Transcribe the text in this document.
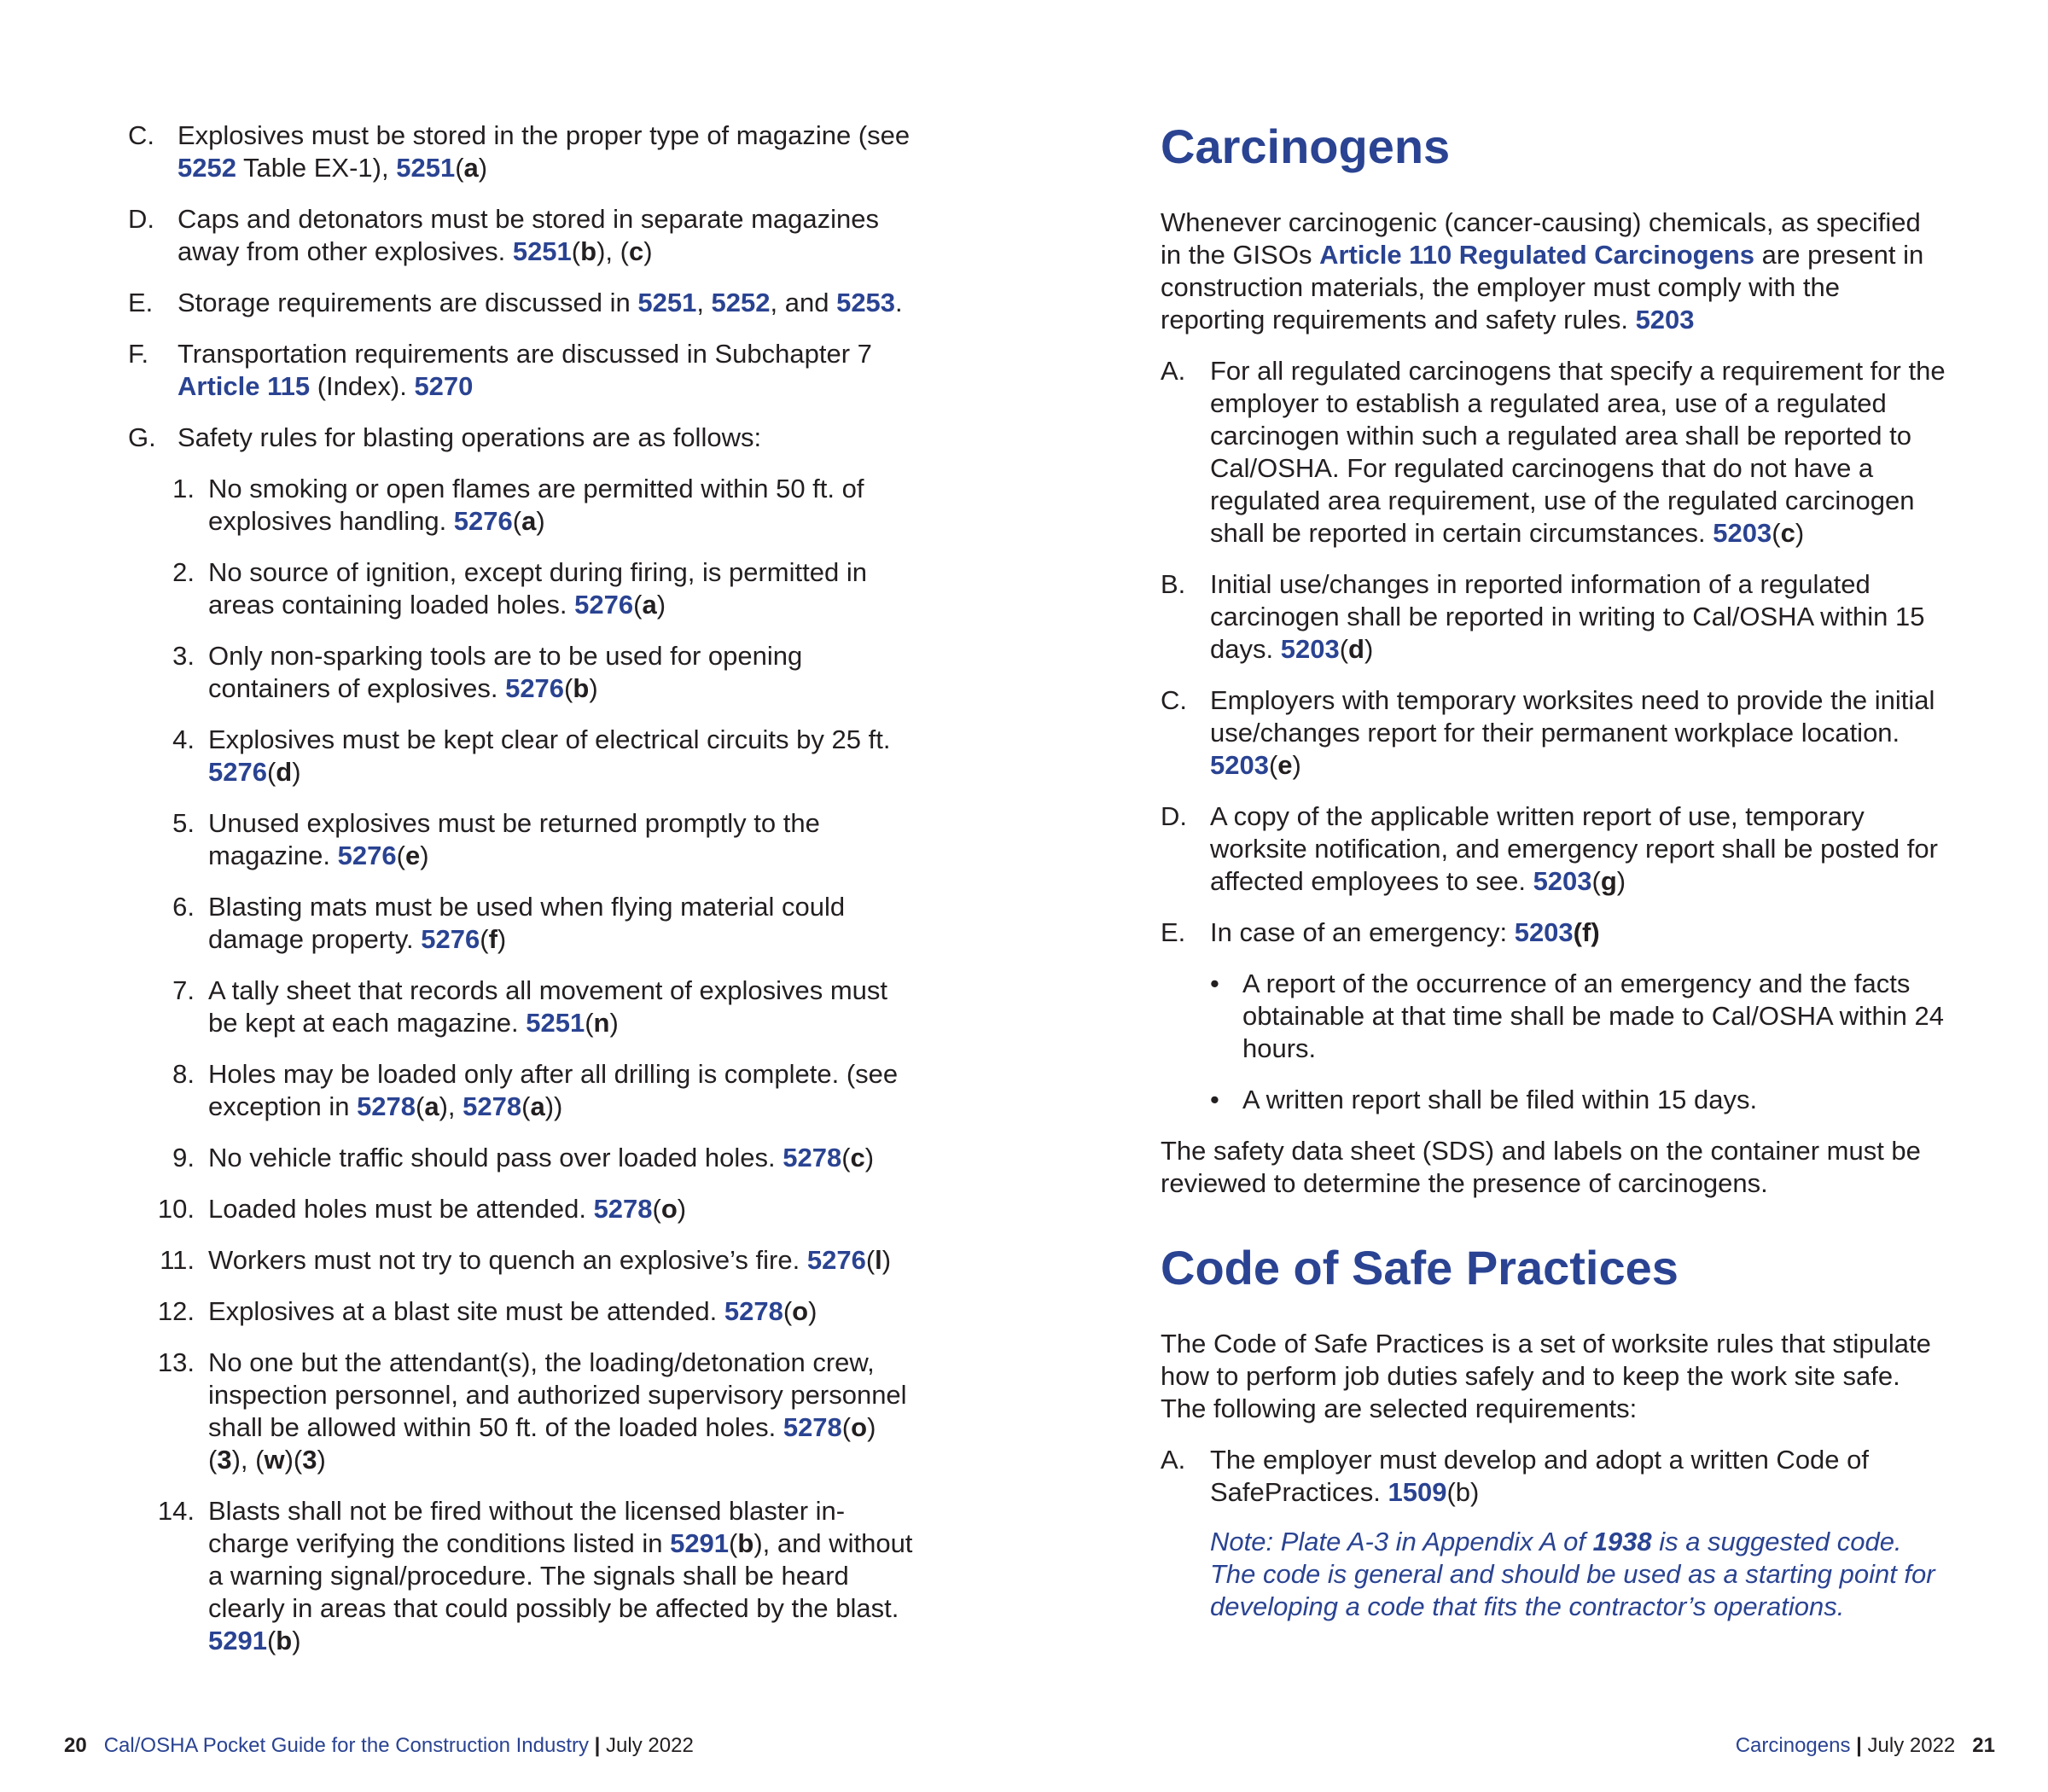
C. Explosives must be stored in the proper type of magazine (see 5252 Table EX-1), 5251(a)
D. Caps and detonators must be stored in separate magazines away from other explosives. 5251(b), (c)
E. Storage requirements are discussed in 5251, 5252, and 5253.
F.	Transportation requirements are discussed in Subchapter 7 Article 115 (Index). 5270
G. Safety rules for blasting operations are as follows:
1. No smoking or open flames are permitted within 50 ft. of explosives handling. 5276(a)
2. No source of ignition, except during firing, is permitted in areas containing loaded holes. 5276(a)
3. Only non-sparking tools are to be used for opening containers of explosives. 5276(b)
4. Explosives must be kept clear of electrical circuits by 25 ft. 5276(d)
5. Unused explosives must be returned promptly to the magazine. 5276(e)
6. Blasting mats must be used when flying material could damage property. 5276(f)
7. A tally sheet that records all movement of explosives must be kept at each magazine. 5251(n)
8. Holes may be loaded only after all drilling is complete. (see exception in 5278(a), 5278(a))
9. No vehicle traffic should pass over loaded holes. 5278(c)
10. Loaded holes must be attended. 5278(o)
11. Workers must not try to quench an explosive’s fire. 5276(l)
12. Explosives at a blast site must be attended. 5278(o)
13. No one but the attendant(s), the loading/detonation crew, inspection personnel, and authorized supervisory personnel shall be allowed within 50 ft. of the loaded holes. 5278(o)(3), (w)(3)
14. Blasts shall not be fired without the licensed blaster in-charge verifying the conditions listed in 5291(b), and without a warning signal/procedure. The signals shall be heard clearly in areas that could possibly be affected by the blast. 5291(b)
20 Cal/OSHA Pocket Guide for the Construction Industry | July 2022
Carcinogens
Whenever carcinogenic (cancer-causing) chemicals, as specified in the GISOs Article 110 Regulated Carcinogens are present in construction materials, the employer must comply with the reporting requirements and safety rules. 5203
A. For all regulated carcinogens that specify a requirement for the employer to establish a regulated area, use of a regulated carcinogen within such a regulated area shall be reported to Cal/OSHA. For regulated carcinogens that do not have a regulated area requirement, use of the regulated carcinogen shall be reported in certain circumstances. 5203(c)
B. Initial use/changes in reported information of a regulated carcinogen shall be reported in writing to Cal/OSHA within 15 days. 5203(d)
C. Employers with temporary worksites need to provide the initial use/changes report for their permanent workplace location. 5203(e)
D. A copy of the applicable written report of use, temporary worksite notification, and emergency report shall be posted for affected employees to see. 5203(g)
E. In case of an emergency: 5203(f)
• A report of the occurrence of an emergency and the facts obtainable at that time shall be made to Cal/OSHA within 24 hours.
• A written report shall be filed within 15 days.
The safety data sheet (SDS) and labels on the container must be reviewed to determine the presence of carcinogens.
Code of Safe Practices
The Code of Safe Practices is a set of worksite rules that stipulate how to perform job duties safely and to keep the work site safe. The following are selected requirements:
A. The employer must develop and adopt a written Code of SafePractices. 1509(b)
Note: Plate A-3 in Appendix A of 1938 is a suggested code. The code is general and should be used as a starting point for developing a code that fits the contractor’s operations.
Carcinogens | July 2022 21
